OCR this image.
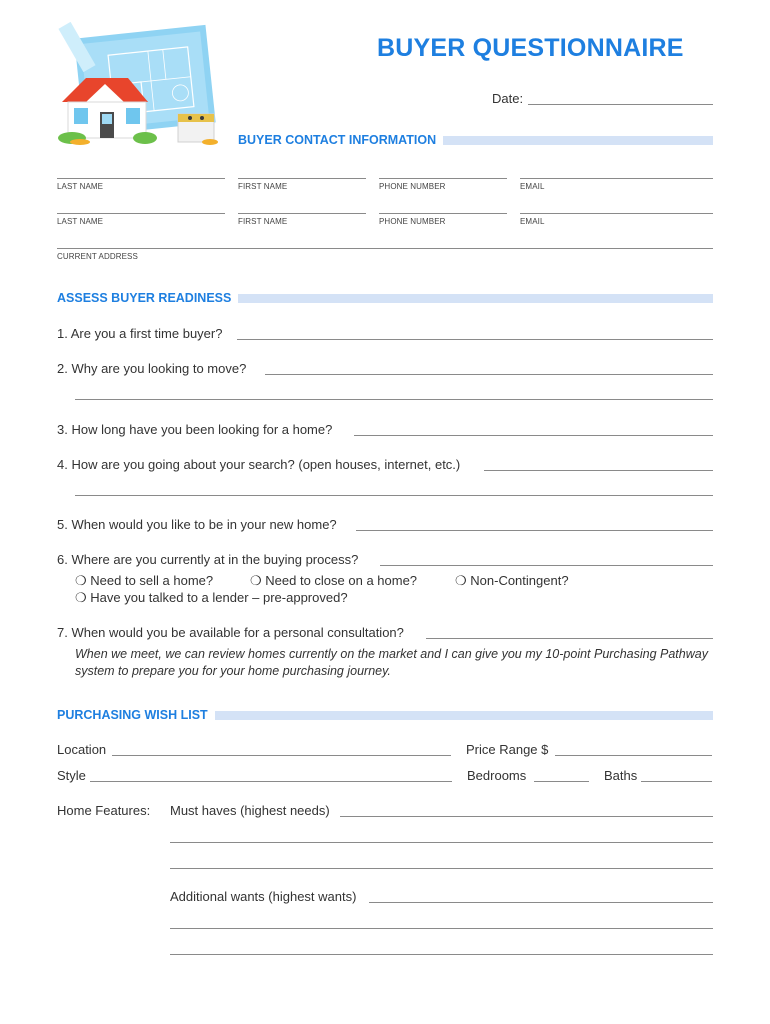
BUYER QUESTIONNAIRE
Date:
BUYER CONTACT INFORMATION
LAST NAME	FIRST NAME	PHONE NUMBER	EMAIL
LAST NAME	FIRST NAME	PHONE NUMBER	EMAIL
CURRENT ADDRESS
ASSESS BUYER READINESS
1. Are you a first time buyer?
2. Why are you looking to move?
3. How long have you been looking for a home?
4. How are you going about your search? (open houses, internet, etc.)
5. When would you like to be in your new home?
6. Where are you currently at in the buying process?
❍ Need to sell a home?	❍ Need to close on a home?	❍ Non-Contingent?
❍ Have you talked to a lender – pre-approved?
7. When would you be available for a personal consultation?
When we meet, we can review homes currently on the market and I can give you my 10-point Purchasing Pathway system to prepare you for your home purchasing journey.
PURCHASING WISH LIST
Location	Price Range $
Style	Bedrooms	Baths
Home Features: Must haves (highest needs)
Additional wants (highest wants)
